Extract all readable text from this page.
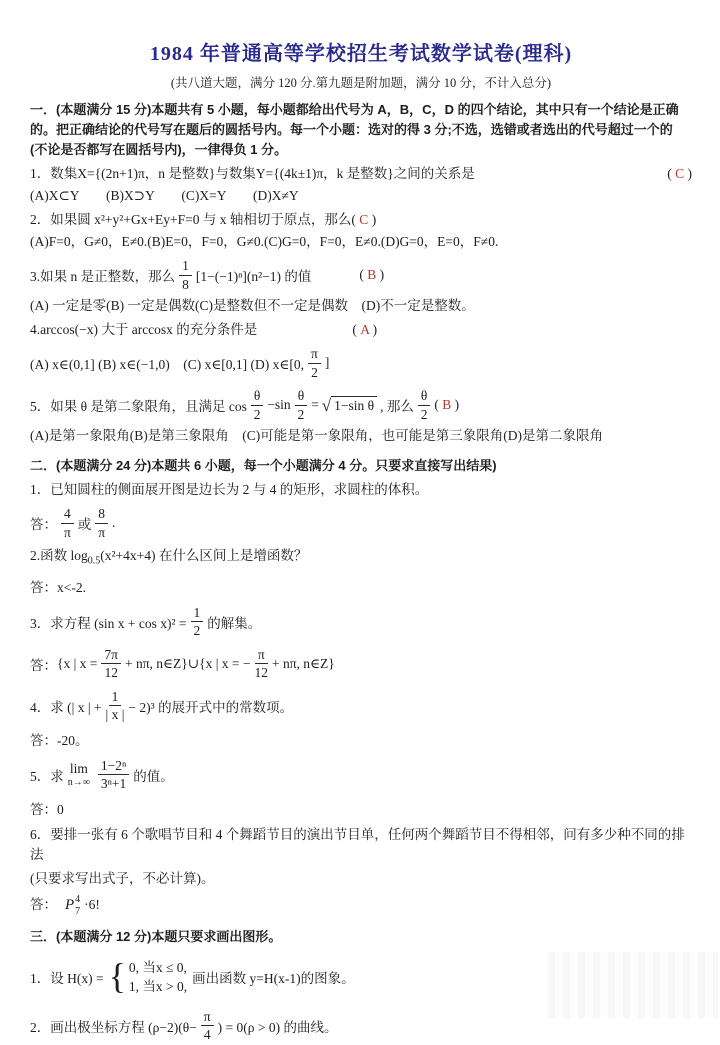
1984 年普通高等学校招生考试数学试卷(理科)
(共八道大题，满分 120 分.第九题是附加题，满分 10 分，不计入总分)
一．(本题满分 15 分)本题共有 5 小题，每小题都给出代号为 A，B，C，D 的四个结论，其中只有一个结论是正确
的。把正确结论的代号写在题后的圆括号内。每一个小题：选对的得 3 分;不选，选错或者选出的代号超过一个的
(不论是否都写在圆括号内)，一律得负 1 分。
1．数集X={(2n+1)π，n 是整数}与数集Y={(4k±1)π，k 是整数}之间的关系是	( C )
(A)X⊂Y　　(B)X⊃Y　　(C)X=Y　　(D)X≠Y
2．如果圆 x²+y²+Gx+Ey+F=0 与 x 轴相切于原点，那么( C )
(A)F=0，G≠0，E≠0.(B)E=0，F=0，G≠0.(C)G=0，F=0，E≠0.(D)G=0，E=0，F≠0.
3.如果 n 是正整数，那么 $\frac{1}{8} [1-(-1)^n](n^2-1)$ 的值	( B )
(A) 一定是零(B) 一定是偶数(C)是整数但不一定是偶数　(D)不一定是整数。
4.arccos(−x) 大于 arccosx 的充分条件是	( A )
(A) x∈(0,1] (B) x∈(−1,0)　(C) x∈[0,1] (D) x∈[0, $\frac{\pi}{2}$ ]
5．如果 θ 是第二象限角，且满足 $\cos \frac{\theta}{2} -\sin \frac{\theta}{2}$ = √ 1−sin θ , 那么 $\frac{\theta}{2}$ ( B )
(A)是第一象限角(B)是第三象限角　(C)可能是第一象限角，也可能是第三象限角(D)是第二象限角
二．(本题满分 24 分)本题共 6 小题，每一个小题满分 4 分。只要求直接写出结果)
1．已知圆柱的侧面展开图是边长为 2 与 4 的矩形，求圆柱的体积。
答： $\frac{4}{\pi}$ 或 $\frac{8}{\pi}$ .
2.函数 $\log_{0.5}(x^2+4x+4)$ 在什么区间上是增函数？
答：x<-2.
3．求方程 (sin $x + \cos x)^2 = \frac{1}{2}$ 的解集。
答： {x | $x = \frac{7\pi}{12} + n\pi$, n∈Z}∪{x | x = − $\frac{\pi}{12} + n\pi$, n∈Z}
4．求 (| x | + $\frac{1}{| x |} - 2)^3$ 的展开式中的常数项。
答：-20。
5．求
lim
$n\to\infty \frac{\text{1−2ⁿ}}{\text{3ⁿ+1}}$ 的值。
答：0
6．要排一张有 6 个歌唱节目和 4 个舞蹈节目的演出节目单，任何两个舞蹈节目不得相邻，问有多少种不同的排法
(只要求写出式子，不必计算)。
答： P 4
7 ·6!
三．(本题满分 12 分)本题只要求画出图形。
1．设 H(x) = { 0, 当x ≤ 0,
1, 当x > 0,
画出函数 y=H(x-1)的图象。
2．画出极坐标方程 $(\rho-2)(\theta- \frac{\pi}{4}$ ) = 0(ρ > 0) 的曲线。
